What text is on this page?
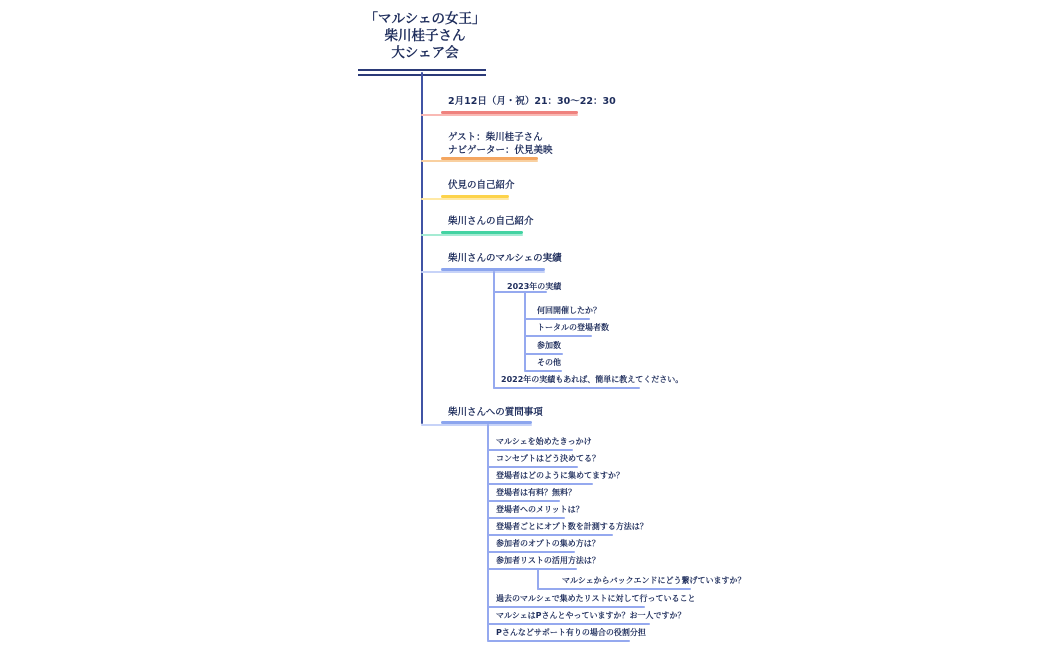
「マルシェの女王」
柴川桂子さん
大シェア会
2月12日（月・祝）21：30〜22：30
ゲスト：柴川桂子さん
ナビゲーター：伏見美映
伏見の自己紹介
柴川さんの自己紹介
柴川さんのマルシェの実績
2023年の実績
何回開催したか？
トータルの登場者数
参加数
その他
2022年の実績もあれば、簡単に教えてください。
柴川さんへの質問事項
マルシェを始めたきっかけ
コンセプトはどう決めてる？
登場者はどのように集めてますか？
登場者は有料？無料？
登場者へのメリットは？
登場者ごとにオプト数を計測する方法は？
参加者のオプトの集め方は？
参加者リストの活用方法は？
マルシェからバックエンドにどう繋げていますか？
過去のマルシェで集めたリストに対して行っていること
マルシェはPさんとやっていますか？お一人ですか？
Pさんなどサポート有りの場合の役割分担
